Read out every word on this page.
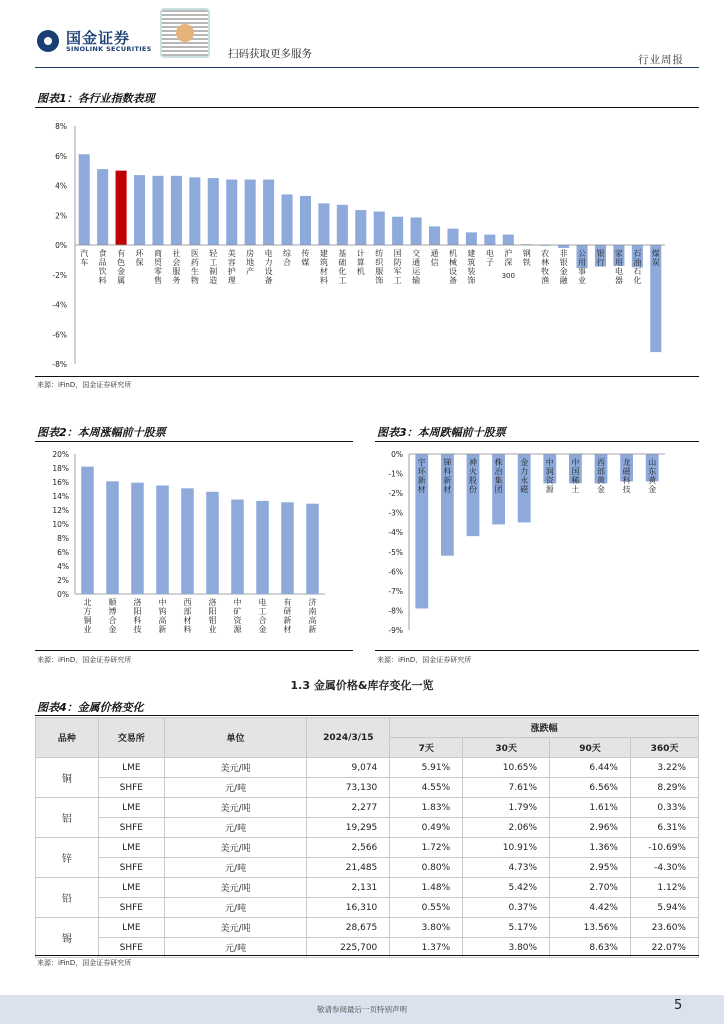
国金证券
SINOLINK SECURITIES	扫码获取更多服务	行业周报
图表1：各行业指数表现
8%
6%
4%
2%
0%
-2%
-4%
-6%
-8%
汽车
食品饮料
有色金属
环保
商贸零售
社会服务
医药生物
轻工制造
美容护理
房地产
电力设备
综合
传媒
建筑材料
基础化工
计算机
纺织服饰
国防军工
交通运输
通信
机械设备
建筑装饰
电子
沪深
300
钢铁
农林牧渔
非银金融
公用事业
银行
家用电器
石油石化
煤炭
来源：iFinD，国金证券研究所
图表2：本周涨幅前十股票
20%
18%
16%
14%
12%
10%
8%
6%
4%
2%
0%
北方铜业
顺博合金
洛阳科技
中钨高新
西部材料
洛阳钼业
中矿资源
电工合金
有研新材
济南高新
来源：iFinD，国金证券研究所
图表3：本周跌幅前十股票
0%
-1%
-2%
-3%
-4%
-5%
-6%
-7%
-8%
-9%
宇环新材
锑科新材
神火股份
株冶集团
金力永磁
中润资源
中国稀土
西部黄金
龙磁科技
山东黄金
来源：iFinD，国金证券研究所
1.3 金属价格&库存变化一览
图表4：金属价格变化
品种	交易所	单位	2024/3/15	涨跌幅			
				7天	30天	90天	360天
铜	LME	美元/吨	9,074	5.91%	10.65%	6.44%	3.22%
	SHFE	元/吨	73,130	4.55%	7.61%	6.56%	8.29%
铝	LME	美元/吨	2,277	1.83%	1.79%	1.61%	0.33%
	SHFE	元/吨	19,295	0.49%	2.06%	2.96%	6.31%
锌	LME	美元/吨	2,566	1.72%	10.91%	1.36%	-10.69%
	SHFE	元/吨	21,485	0.80%	4.73%	2.95%	-4.30%
铅	LME	美元/吨	2,131	1.48%	5.42%	2.70%	1.12%
	SHFE	元/吨	16,310	0.55%	0.37%	4.42%	5.94%
锡	LME	美元/吨	28,675	3.80%	5.17%	13.56%	23.60%
	SHFE	元/吨	225,700	1.37%	3.80%	8.63%	22.07%
来源：iFinD，国金证券研究所
敬请参阅最后一页特别声明	5
